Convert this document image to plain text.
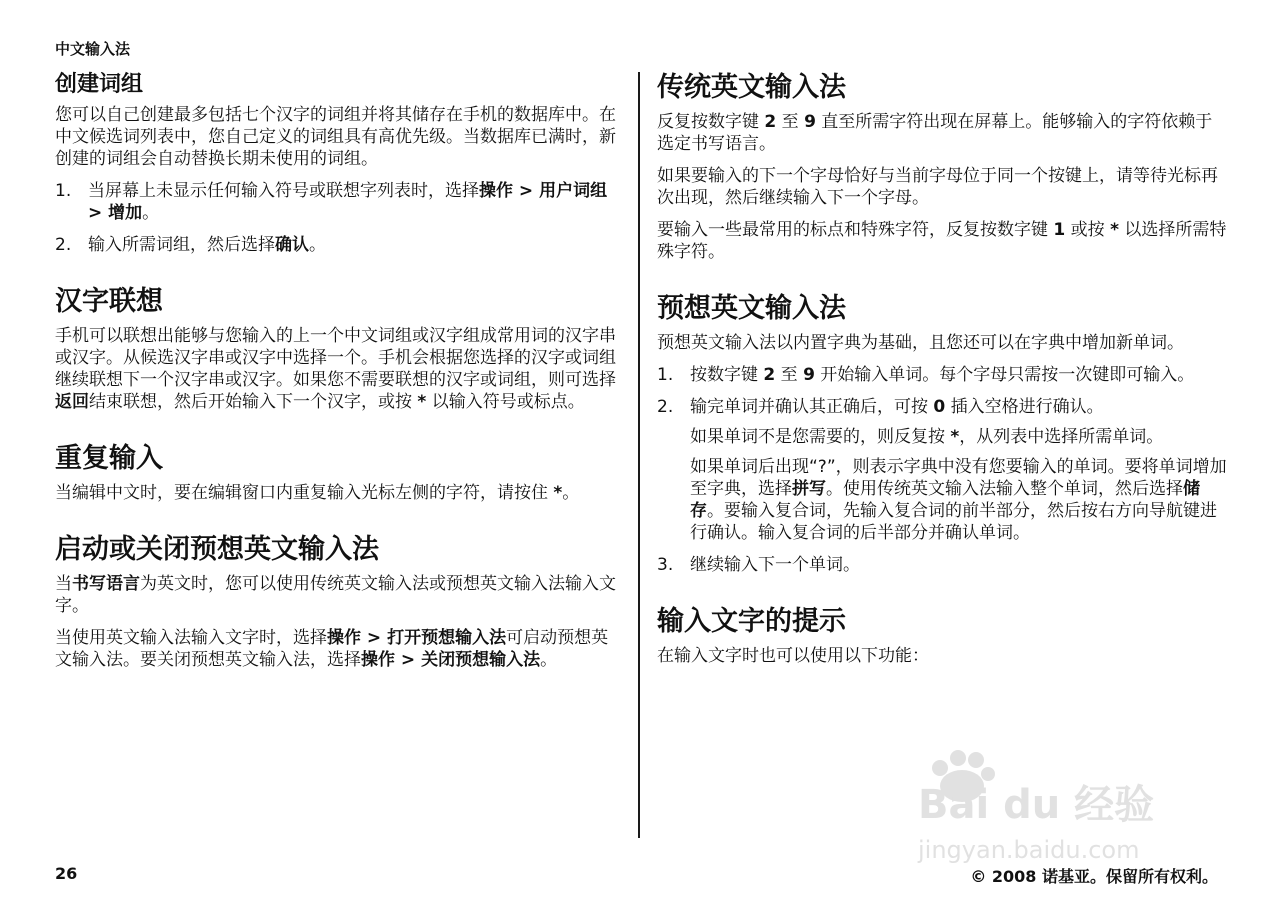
中文输入法
创建词组

您可以自己创建最多包括七个汉字的词组并将其储存在手机的数据库中。在中文候选词列表中，您自己定义的词组具有高优先级。当数据库已满时，新创建的词组会自动替换长期未使用的词组。

1. 当屏幕上未显示任何输入符号或联想字列表时，选择操作 > 用户词组 > 增加。
2. 输入所需词组，然后选择确认。
汉字联想

手机可以联想出能够与您输入的上一个中文词组或汉字组成常用词的汉字串或汉字。从候选汉字串或汉字中选择一个。手机会根据您选择的汉字或词组继续联想下一个汉字串或汉字。如果您不需要联想的汉字或词组，则可选择返回结束联想，然后开始输入下一个汉字，或按 * 以输入符号或标点。

重复输入

当编辑中文时，要在编辑窗口内重复输入光标左侧的字符，请按住 *。

启动或关闭预想英文输入法

当书写语言为英文时，您可以使用传统英文输入法或预想英文输入法输入文字。

当使用英文输入法输入文字时，选择操作 > 打开预想输入法可启动预想英文输入法。要关闭预想英文输入法，选择操作 > 关闭预想输入法。

传统英文输入法

反复按数字键 2 至 9 直至所需字符出现在屏幕上。能够输入的字符依赖于选定书写语言。

如果要输入的下一个字母恰好与当前字母位于同一个按键上，请等待光标再次出现，然后继续输入下一个字母。

要输入一些最常用的标点和特殊字符，反复按数字键 1 或按 * 以选择所需特殊字符。

预想英文输入法

预想英文输入法以内置字典为基础，且您还可以在字典中增加新单词。

1. 按数字键 2 至 9 开始输入单词。每个字母只需按一次键即可输入。
2. 输完单词并确认其正确后，可按 0 插入空格进行确认。

如果单词不是您需要的，则反复按 *，从列表中选择所需单词。

如果单词后出现“?”，则表示字典中没有您要输入的单词。要将单词增加至字典，选择拼写。使用传统英文输入法输入整个单词，然后选择储存。要输入复合词，先输入复合词的前半部分，然后按右方向导航键进行确认。输入复合词的后半部分并确认单词。

3. 继续输入下一个单词。
输入文字的提示

在输入文字时也可以使用以下功能：

Bai du 经验
jingyan.baidu.com
26	© 2008 诺基亚。保留所有权利。
